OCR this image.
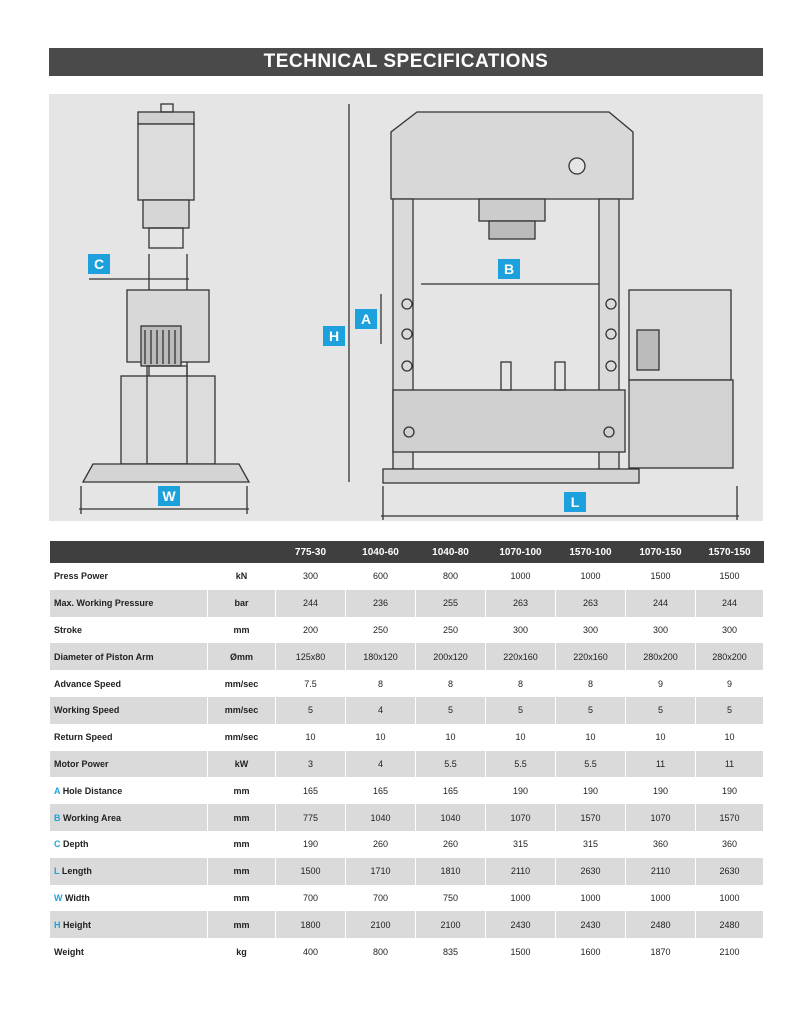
TECHNICAL SPECIFICATIONS
C
W
H
A
B
L
		775-30	1040-60	1040-80	1070-100	1570-100	1070-150	1570-150
Press Power	kN	300	600	800	1000	1000	1500	1500
Max. Working Pressure	bar	244	236	255	263	263	244	244
Stroke	mm	200	250	250	300	300	300	300
Diameter of Piston Arm	Ømm	125x80	180x120	200x120	220x160	220x160	280x200	280x200
Advance Speed	mm/sec	7.5	8	8	8	8	9	9
Working Speed	mm/sec	5	4	5	5	5	5	5
Return Speed	mm/sec	10	10	10	10	10	10	10
Motor Power	kW	3	4	5.5	5.5	5.5	11	11
A Hole Distance	mm	165	165	165	190	190	190	190
B Working Area	mm	775	1040	1040	1070	1570	1070	1570
C Depth	mm	190	260	260	315	315	360	360
L Length	mm	1500	1710	1810	2110	2630	2110	2630
W Width	mm	700	700	750	1000	1000	1000	1000
H Height	mm	1800	2100	2100	2430	2430	2480	2480
Weight	kg	400	800	835	1500	1600	1870	2100
